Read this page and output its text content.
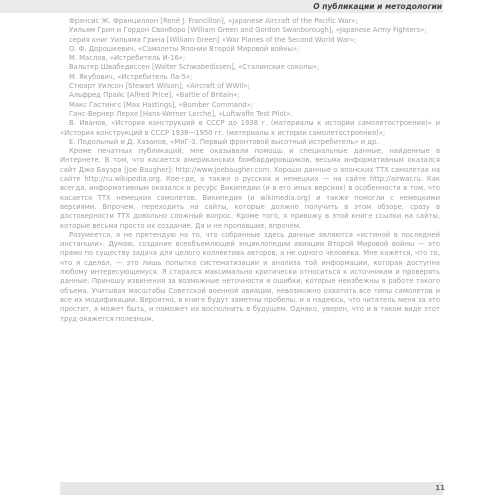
О публикации и методологии

Фрэнсис Ж. Франциллон [René J. Francillon], «Japanese Aircraft of the Pacific War»;

Уильям Грин и Гордон Свонборо [William Green and Gordon Swanborough], «Japanese Army Fighters»;

серия книг Уильяма Грина [William Green] «War Planes of the Second World War»;

О. Ф. Дорошкевич, «Самолеты Японии Второй Мировой войны»;

М. Маслов, «Истребитель И-16»;

Вальтер Швабедиссен [Walter Schwabedissen], «Сталинские соколы»;

М. Якубович, «Истребитель Ла-5»;

Стюарт Уилсон [Stewart Wilson], «Aircraft of WWII»;

Альфред Прайс [Alfred Price], «Battle of Britain»;

Макс Гастингс [Max Hastings], «Bomber Command»;

Ганс-Вернер Лерхе [Hans-Werner Lerche], «Luftwaffe Test Pilot».

В. Иванов, «История конструкций в СССР до 1938 г. (материалы к истории самолетостроения)» и «История конструкций в СССР 1938—1950 гг. (материалы к истории самолетостроения)»;

Е. Подольный и Д. Хазанов, «МиГ-3. Первый фронтовой высотный истребитель» и др.

Кроме печатных публикаций, мне оказывали помощь и специальные данные, найденные в Интернете. В том, что касается американских бомбардировщиков, весьма информативным оказался сайт Джо Бауэра [Joe Baugher]: http://www.joebaugher.com. Хорошо данные о японских ТТХ самолетах на сайте http://ru.wikipedia.org. Кое-где, а также о русских и немецких — на сайте http://airwar.ru. Как всегда, информативным оказался и ресурс Википедии (и в его иных версиях) в особенности в том, что касается ТТХ немецких самолетов. Википедия (и wikimedia.org) и также помогли с немецкими версиями. Впрочем, переходить на сайты, которые должно получить в этом обзоре, сразу в достоверности ТТХ довольно сложный вопрос. Кроме того, я привожу в этой книге ссылки на сайты, которые весьма просто их создание. Да и не пропавшие, впрочем.

Разумеется, я не претендую на то, что собранные здесь данные являются «истиной в последней инстанции». Думаю, создание всеобъемлющей энциклопедии авиации Второй Мировой войны — это прямо по существу задача для целого коллектива авторов, а не одного человека. Мне кажется, что то, что я сделал, — это лишь попытка систематизации и анализа той информации, которая доступна любому интересующемуся. Я старался максимально критически относиться к источникам и проверять данные. Приношу извинения за возможные неточности и ошибки, которые неизбежны в работе такого объема. Учитывая масштабы Советской военной авиации, невозможно охватить все типы самолетов и все их модификации. Вероятно, в книге будут заметны пробелы, и я надеюсь, что читатель меня за это простит, а может быть, и поможет их восполнить в будущем. Однако, уверен, что и в таком виде этот труд окажется полезным.

11
